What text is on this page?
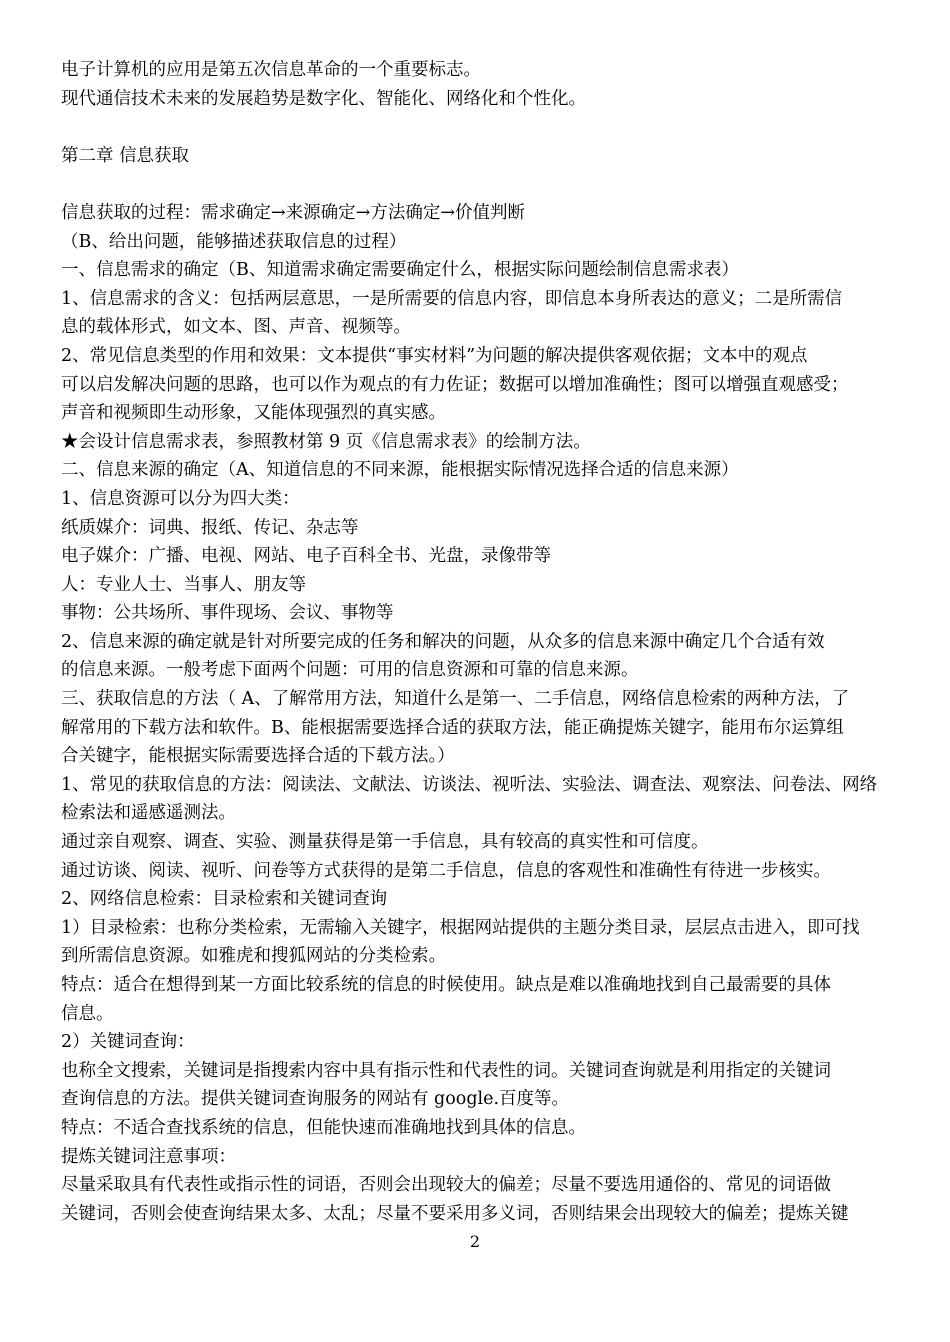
电子计算机的应用是第五次信息革命的一个重要标志。
现代通信技术未来的发展趋势是数字化、智能化、网络化和个性化。
第二章 信息获取
信息获取的过程：需求确定→来源确定→方法确定→价值判断
（B、给出问题，能够描述获取信息的过程）
一、信息需求的确定（B、知道需求确定需要确定什么，根据实际问题绘制信息需求表）
1、信息需求的含义：包括两层意思，一是所需要的信息内容，即信息本身所表达的意义；二是所需信
息的载体形式，如文本、图、声音、视频等。
2、常见信息类型的作用和效果：文本提供“事实材料”为问题的解决提供客观依据；文本中的观点
可以启发解决问题的思路，也可以作为观点的有力佐证；数据可以增加准确性；图可以增强直观感受；
声音和视频即生动形象，又能体现强烈的真实感。
★会设计信息需求表，参照教材第 9 页《信息需求表》的绘制方法。
二、信息来源的确定（A、知道信息的不同来源，能根据实际情况选择合适的信息来源）
1、信息资源可以分为四大类：
纸质媒介：词典、报纸、传记、杂志等
电子媒介：广播、电视、网站、电子百科全书、光盘，录像带等
人：专业人士、当事人、朋友等
事物：公共场所、事件现场、会议、事物等
2、信息来源的确定就是针对所要完成的任务和解决的问题，从众多的信息来源中确定几个合适有效
的信息来源。一般考虑下面两个问题：可用的信息资源和可靠的信息来源。
三、获取信息的方法（ A、了解常用方法，知道什么是第一、二手信息，网络信息检索的两种方法，了
解常用的下载方法和软件。B、能根据需要选择合适的获取方法，能正确提炼关键字，能用布尔运算组
合关键字，能根据实际需要选择合适的下载方法。）
1、常见的获取信息的方法：阅读法、文献法、访谈法、视听法、实验法、调查法、观察法、问卷法、网络
检索法和遥感遥测法。
通过亲自观察、调查、实验、测量获得是第一手信息，具有较高的真实性和可信度。
通过访谈、阅读、视听、问卷等方式获得的是第二手信息，信息的客观性和准确性有待进一步核实。
2、网络信息检索：目录检索和关键词查询
1）目录检索：也称分类检索，无需输入关键字，根据网站提供的主题分类目录，层层点击进入，即可找
到所需信息资源。如雅虎和搜狐网站的分类检索。
特点：适合在想得到某一方面比较系统的信息的时候使用。缺点是难以准确地找到自己最需要的具体
信息。
2）关键词查询：
也称全文搜索，关键词是指搜索内容中具有指示性和代表性的词。关键词查询就是利用指定的关键词
查询信息的方法。提供关键词查询服务的网站有 google.百度等。
特点：不适合查找系统的信息，但能快速而准确地找到具体的信息。
提炼关键词注意事项：
尽量采取具有代表性或指示性的词语，否则会出现较大的偏差；尽量不要选用通俗的、常见的词语做
关键词，否则会使查询结果太多、太乱；尽量不要采用多义词，否则结果会出现较大的偏差；提炼关键
2
